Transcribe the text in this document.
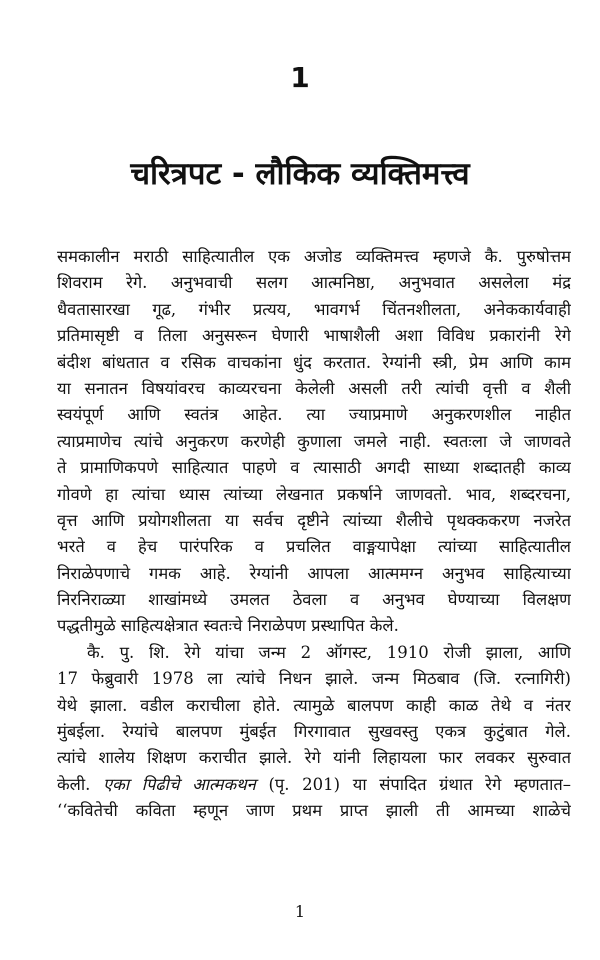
1
चरित्रपट - लौकिक व्यक्तिमत्त्व
समकालीन मराठी साहित्यातील एक अजोड व्यक्तिमत्त्व म्हणजे कै. पुरुषोत्तम
शिवराम रेगे. अनुभवाची सलग आत्मनिष्ठा, अनुभवात असलेला मंद्र
धैवतासारखा गूढ, गंभीर प्रत्यय, भावगर्भ चिंतनशीलता, अनेककार्यवाही
प्रतिमासृष्टी व तिला अनुसरून घेणारी भाषाशैली अशा विविध प्रकारांनी रेगे
बंदीश बांधतात व रसिक वाचकांना धुंद करतात. रेग्यांनी स्त्री, प्रेम आणि काम
या सनातन विषयांवरच काव्यरचना केलेली असली तरी त्यांची वृत्ती व शैली
स्वयंपूर्ण आणि स्वतंत्र आहेत. त्या ज्याप्रमाणे अनुकरणशील नाहीत
त्याप्रमाणेच त्यांचे अनुकरण करणेही कुणाला जमले नाही. स्वतःला जे जाणवते
ते प्रामाणिकपणे साहित्यात पाहणे व त्यासाठी अगदी साध्या शब्दातही काव्य
गोवणे हा त्यांचा ध्यास त्यांच्या लेखनात प्रकर्षाने जाणवतो. भाव, शब्दरचना,
वृत्त आणि प्रयोगशीलता या सर्वच दृष्टीने त्यांच्या शैलीचे पृथक्ककरण नजरेत
भरते व हेच पारंपरिक व प्रचलित वाङ्मयापेक्षा त्यांच्या साहित्यातील
निराळेपणाचे गमक आहे. रेग्यांनी आपला आत्ममग्न अनुभव साहित्याच्या
निरनिराळ्या शाखांमध्ये उमलत ठेवला व अनुभव घेण्याच्या विलक्षण
पद्धतीमुळे साहित्यक्षेत्रात स्वतःचे निराळेपण प्रस्थापित केले.
कै. पु. शि. रेगे यांचा जन्म 2 ऑगस्ट, 1910 रोजी झाला, आणि
17 फेब्रुवारी 1978 ला त्यांचे निधन झाले. जन्म मिठबाव (जि. रत्नागिरी)
येथे झाला. वडील कराचीला होते. त्यामुळे बालपण काही काळ तेथे व नंतर
मुंबईला. रेग्यांचे बालपण मुंबईत गिरगावात सुखवस्तु एकत्र कुटुंबात गेले.
त्यांचे शालेय शिक्षण कराचीत झाले. रेगे यांनी लिहायला फार लवकर सुरुवात
केली. एका पिढीचे आत्मकथन (पृ. 201) या संपादित ग्रंथात रेगे म्हणतात–
‘‘कवितेची कविता म्हणून जाण प्रथम प्राप्त झाली ती आमच्या शाळेचे
1
